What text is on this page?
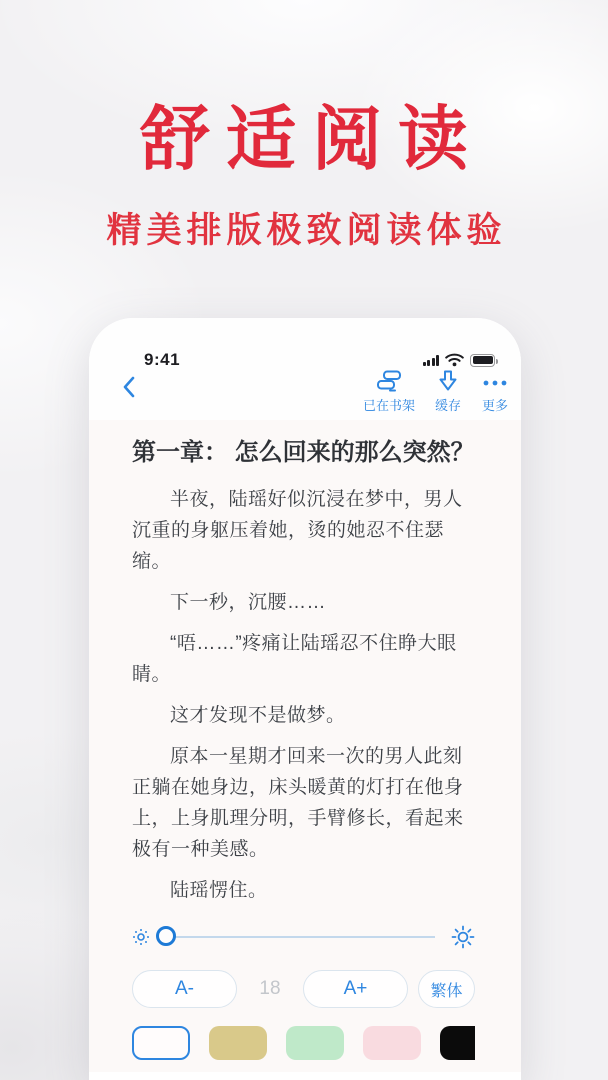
舒适阅读
精美排版极致阅读体验
9:41
已在书架 缓存 更多
第一章： 怎么回来的那么突然？

半夜，陆瑶好似沉浸在梦中，男人沉重的身躯压着她，烫的她忍不住瑟缩。

下一秒，沉腰……

“唔……”疼痛让陆瑶忍不住睁大眼睛。

这才发现不是做梦。

原本一星期才回来一次的男人此刻正躺在她身边，床头暖黄的灯打在他身上，上身肌理分明，手臂修长，看起来极有一种美感。

陆瑶愣住。

A-	18	A+	繁体
